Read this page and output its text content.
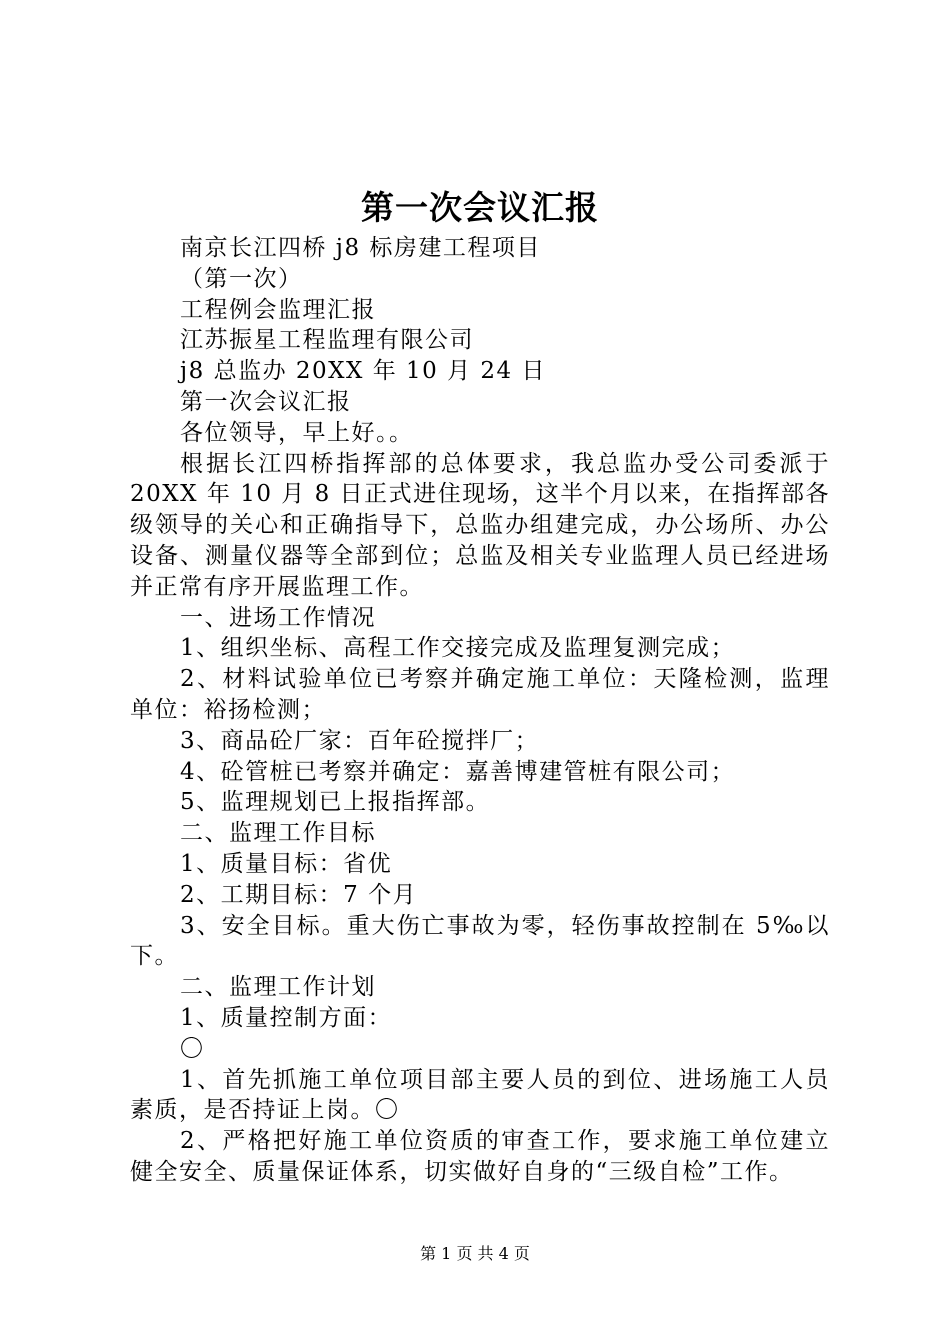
第一次会议汇报

南京长江四桥 j8 标房建工程项目

（第一次）

工程例会监理汇报

江苏振星工程监理有限公司

j8 总监办 20XX 年 10 月 24 日

第一次会议汇报

各位领导，早上好。。

根据长江四桥指挥部的总体要求，我总监办受公司委派于 20XX 年 10 月 8 日正式进住现场，这半个月以来，在指挥部各级领导的关心和正确指导下，总监办组建完成，办公场所、办公设备、测量仪器等全部到位；总监及相关专业监理人员已经进场并正常有序开展监理工作。

一、进场工作情况

1、组织坐标、高程工作交接完成及监理复测完成；

2、材料试验单位已考察并确定施工单位：天隆检测，监理单位：裕扬检测；

3、商品砼厂家：百年砼搅拌厂；

4、砼管桩已考察并确定：嘉善博建管桩有限公司；

5、监理规划已上报指挥部。

二、监理工作目标

1、质量目标：省优

2、工期目标：7 个月

3、安全目标。重大伤亡事故为零，轻伤事故控制在 5‰以下。

二、监理工作计划

1、质量控制方面：

〇

1、首先抓施工单位项目部主要人员的到位、进场施工人员素质，是否持证上岗。〇

2、严格把好施工单位资质的审查工作，要求施工单位建立健全安全、质量保证体系，切实做好自身的“三级自检”工作。

第 1 页 共 4 页
